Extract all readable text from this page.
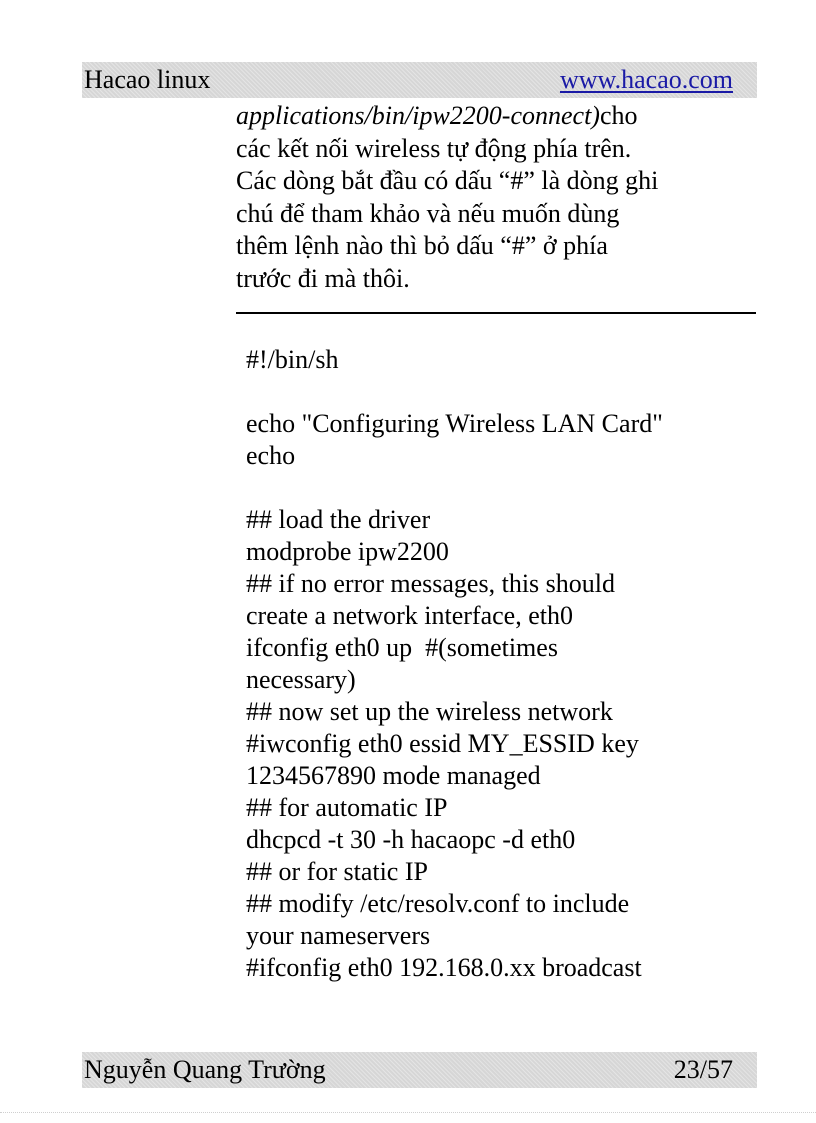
Hacao linux	www.hacao.com
applications/bin/ipw2200-connect)cho
các kết nối wireless tự động phía trên.
Các dòng bắt đầu có dấu “#” là dòng ghi
chú để tham khảo và nếu muốn dùng
thêm lệnh nào thì bỏ dấu “#” ở phía
trước đi mà thôi.
#!/bin/sh
echo "Configuring Wireless LAN Card"
echo
## load the driver
modprobe ipw2200
## if no error messages, this should
create a network interface, eth0
ifconfig eth0 up  #(sometimes
necessary)
## now set up the wireless network
#iwconfig eth0 essid MY_ESSID key
1234567890 mode managed
## for automatic IP
dhcpcd -t 30 -h hacaopc -d eth0
## or for static IP
## modify /etc/resolv.conf to include
your nameservers
#ifconfig eth0 192.168.0.xx broadcast
Nguyễn Quang Trường	23/57
